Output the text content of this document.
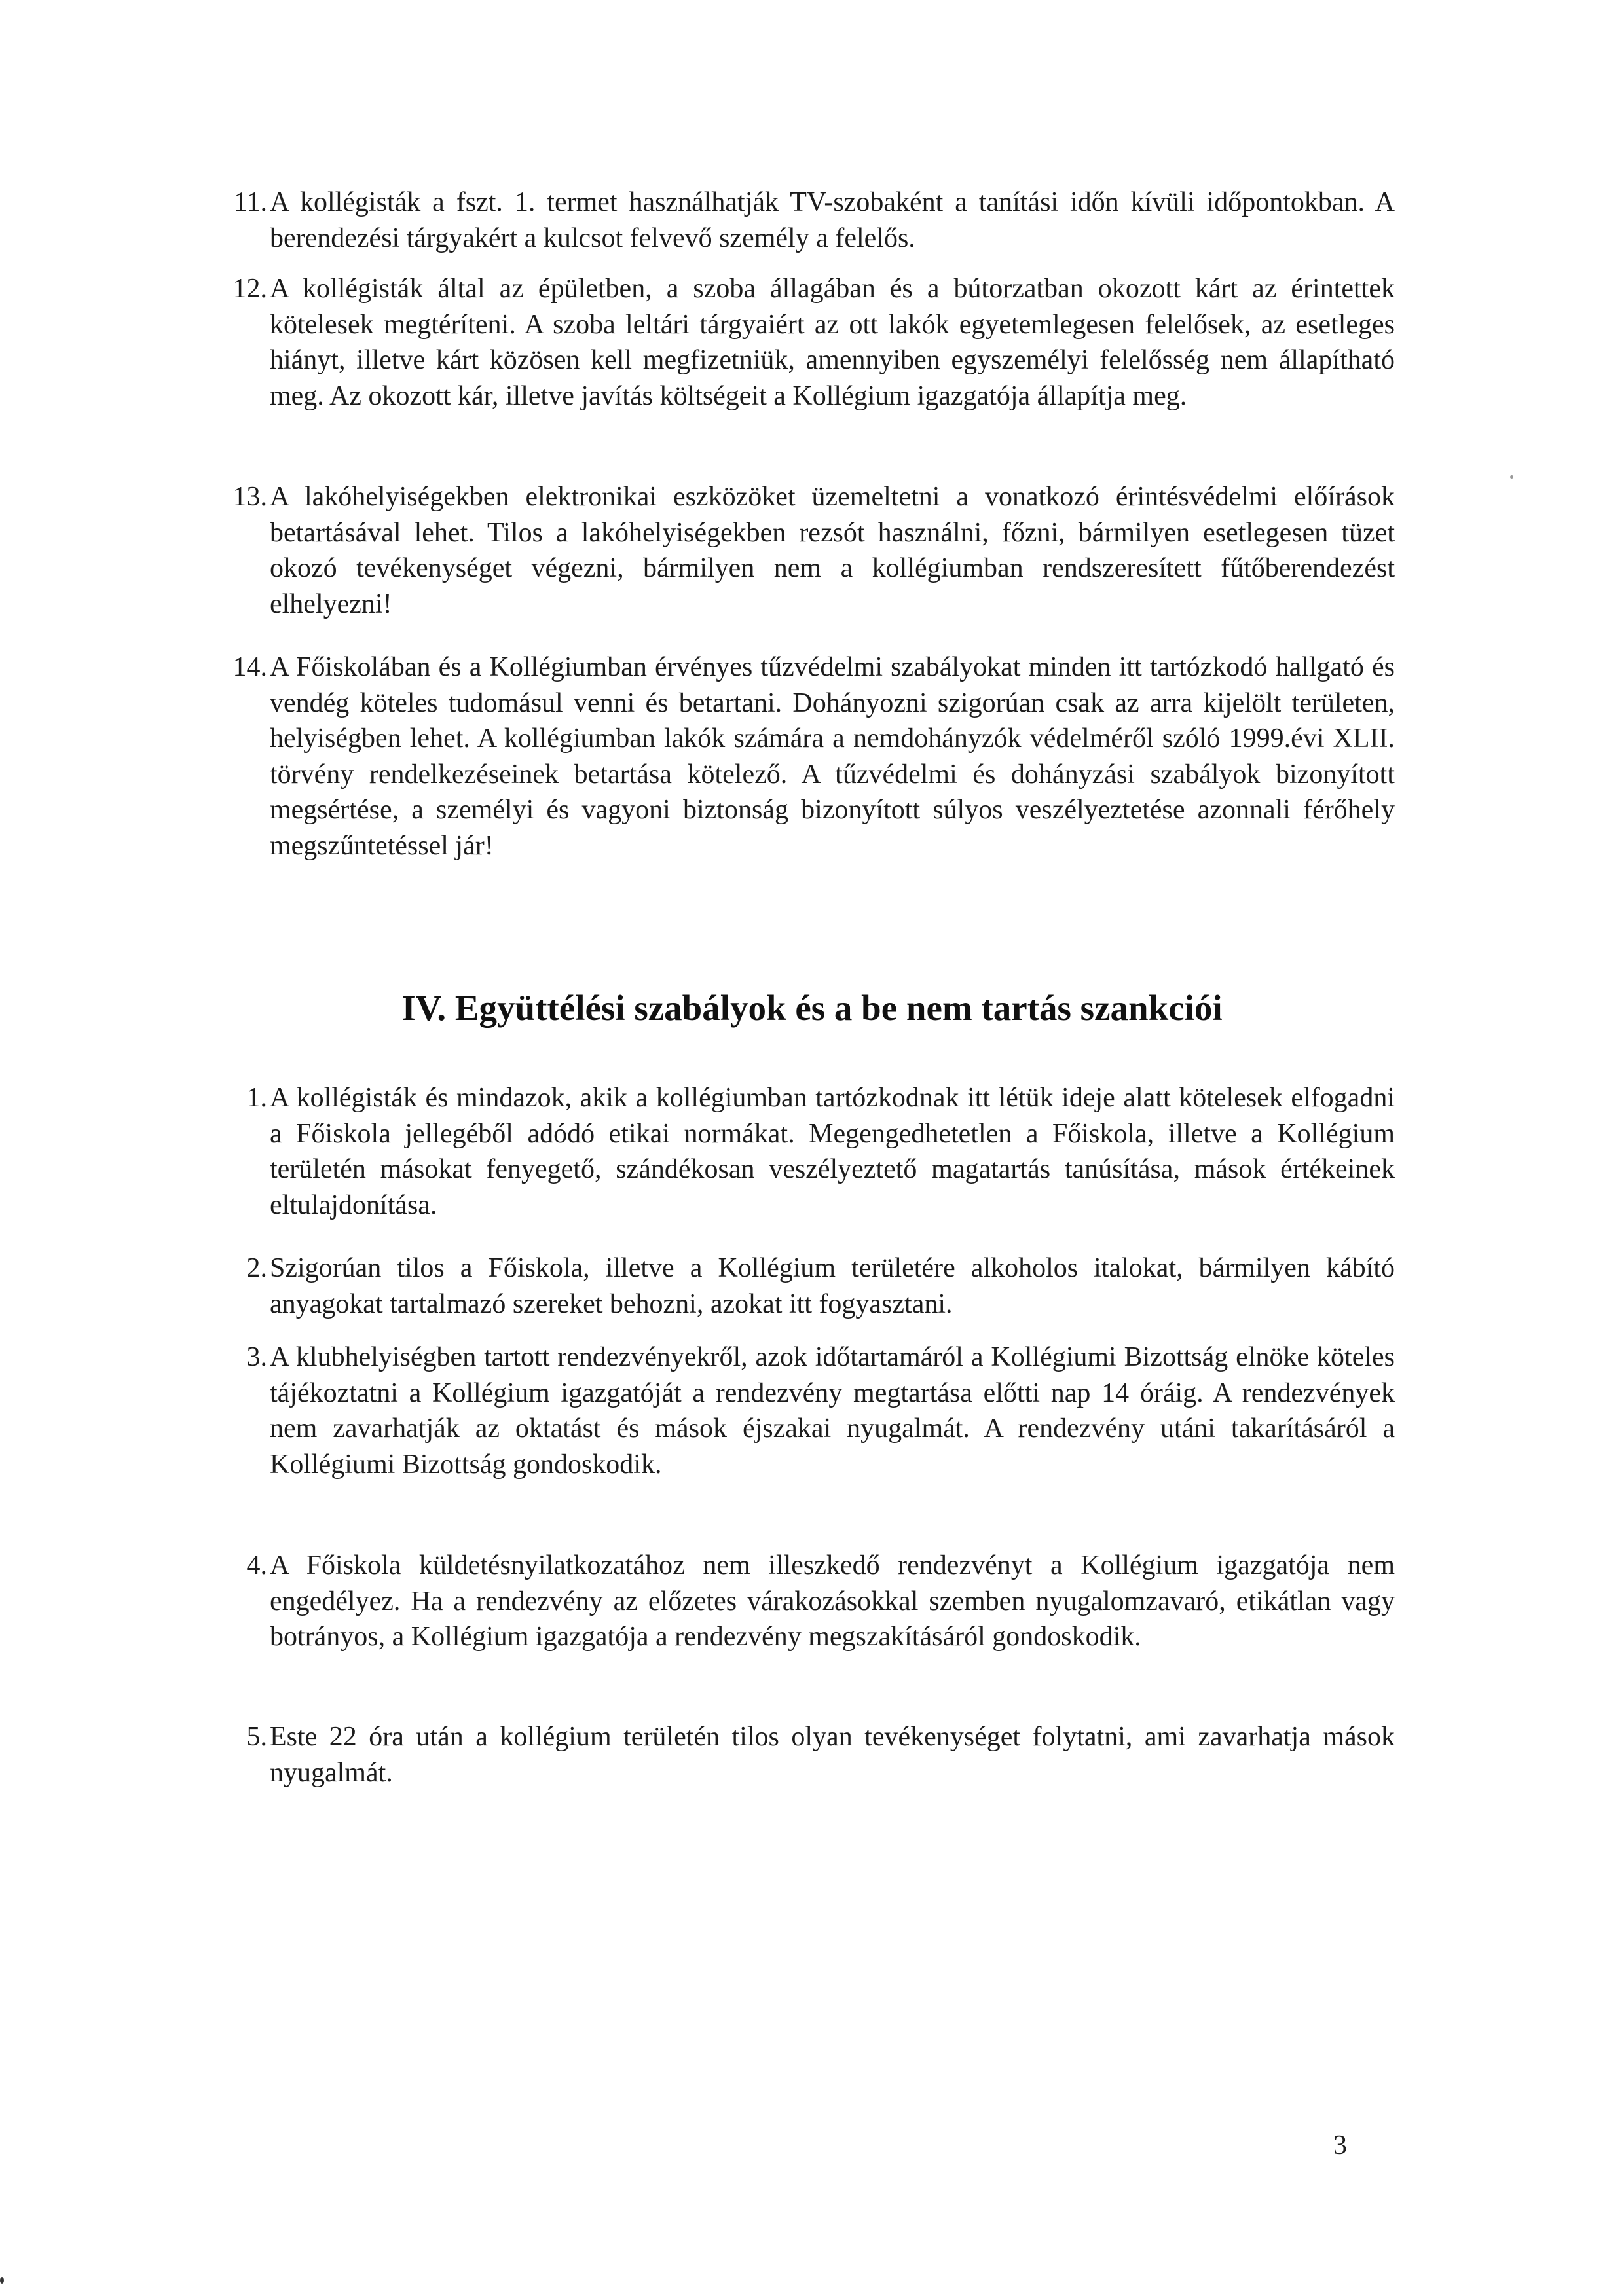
11. A kollégisták a fszt. 1. termet használhatják TV-szobaként a tanítási időn kívüli időpontokban. A berendezési tárgyakért a kulcsot felvevő személy a felelős.
12. A kollégisták által az épületben, a szoba állagában és a bútorzatban okozott kárt az érintettek kötelesek megtéríteni. A szoba leltári tárgyaiért az ott lakók egyetemlegesen felelősek, az esetleges hiányt, illetve kárt közösen kell megfizetniük, amennyiben egyszemélyi felelősség nem állapítható meg. Az okozott kár, illetve javítás költségeit a Kollégium igazgatója állapítja meg.
13. A lakóhelyiségekben elektronikai eszközöket üzemeltetni a vonatkozó érintésvédelmi előírások betartásával lehet. Tilos a lakóhelyiségekben rezsót használni, főzni, bármilyen esetlegesen tüzet okozó tevékenységet végezni, bármilyen nem a kollégiumban rendszeresített fűtőberendezést elhelyezni!
14. A Főiskolában és a Kollégiumban érvényes tűzvédelmi szabályokat minden itt tartózkodó hallgató és vendég köteles tudomásul venni és betartani. Dohányozni szigorúan csak az arra kijelölt területen, helyiségben lehet. A kollégiumban lakók számára a nemdohányzók védelméről szóló 1999.évi XLII. törvény rendelkezéseinek betartása kötelező. A tűzvédelmi és dohányzási szabályok bizonyított megsértése, a személyi és vagyoni biztonság bizonyított súlyos veszélyeztetése azonnali férőhely megszűntetéssel jár!
IV. Együttélési szabályok és a be nem tartás szankciói
1. A kollégisták és mindazok, akik a kollégiumban tartózkodnak itt létük ideje alatt kötelesek elfogadni a Főiskola jellegéből adódó etikai normákat. Megengedhetetlen a Főiskola, illetve a Kollégium területén másokat fenyegető, szándékosan veszélyeztető magatartás tanúsítása, mások értékeinek eltulajdonítása.
2. Szigorúan tilos a Főiskola, illetve a Kollégium területére alkoholos italokat, bármilyen kábító anyagokat tartalmazó szereket behozni, azokat itt fogyasztani.
3. A klubhelyiségben tartott rendezvényekről, azok időtartamáról a Kollégiumi Bizottság elnöke köteles tájékoztatni a Kollégium igazgatóját a rendezvény megtartása előtti nap 14 óráig. A rendezvények nem zavarhatják az oktatást és mások éjszakai nyugalmát. A rendezvény utáni takarításáról a Kollégiumi Bizottság gondoskodik.
4. A Főiskola küldetésnyilatkozatához nem illeszkedő rendezvényt a Kollégium igazgatója nem engedélyez. Ha a rendezvény az előzetes várakozásokkal szemben nyugalomzavaró, etikátlan vagy botrányos, a Kollégium igazgatója a rendezvény megszakításáról gondoskodik.
5. Este 22 óra után a kollégium területén tilos olyan tevékenységet folytatni, ami zavarhatja mások nyugalmát.
3
